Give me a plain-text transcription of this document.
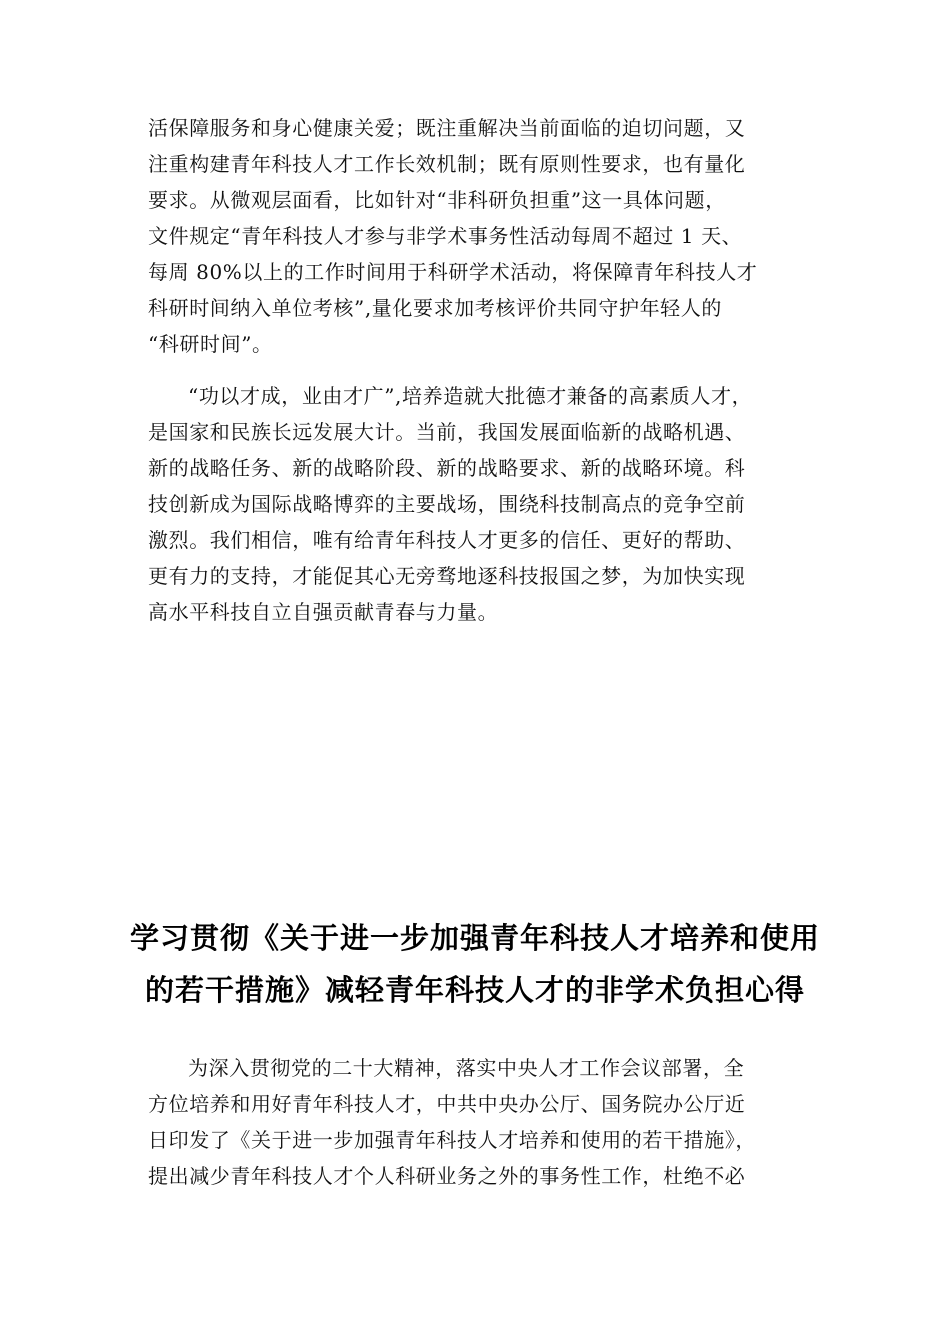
活保障服务和身心健康关爱；既注重解决当前面临的迫切问题，又
注重构建青年科技人才工作长效机制；既有原则性要求，也有量化
要求。从微观层面看，比如针对“非科研负担重”这一具体问题，
文件规定“青年科技人才参与非学术事务性活动每周不超过 1 天、
每周 80%以上的工作时间用于科研学术活动，将保障青年科技人才
科研时间纳入单位考核”,量化要求加考核评价共同守护年轻人的
“科研时间”。
“功以才成，业由才广”,培养造就大批德才兼备的高素质人才，
是国家和民族长远发展大计。当前，我国发展面临新的战略机遇、
新的战略任务、新的战略阶段、新的战略要求、新的战略环境。科
技创新成为国际战略博弈的主要战场，围绕科技制高点的竞争空前
激烈。我们相信，唯有给青年科技人才更多的信任、更好的帮助、
更有力的支持，才能促其心无旁骛地逐科技报国之梦，为加快实现
高水平科技自立自强贡献青春与力量。
学习贯彻《关于进一步加强青年科技人才培养和使用
的若干措施》减轻青年科技人才的非学术负担心得
为深入贯彻党的二十大精神，落实中央人才工作会议部署，全
方位培养和用好青年科技人才，中共中央办公厅、国务院办公厅近
日印发了《关于进一步加强青年科技人才培养和使用的若干措施》，
提出减少青年科技人才个人科研业务之外的事务性工作，杜绝不必
